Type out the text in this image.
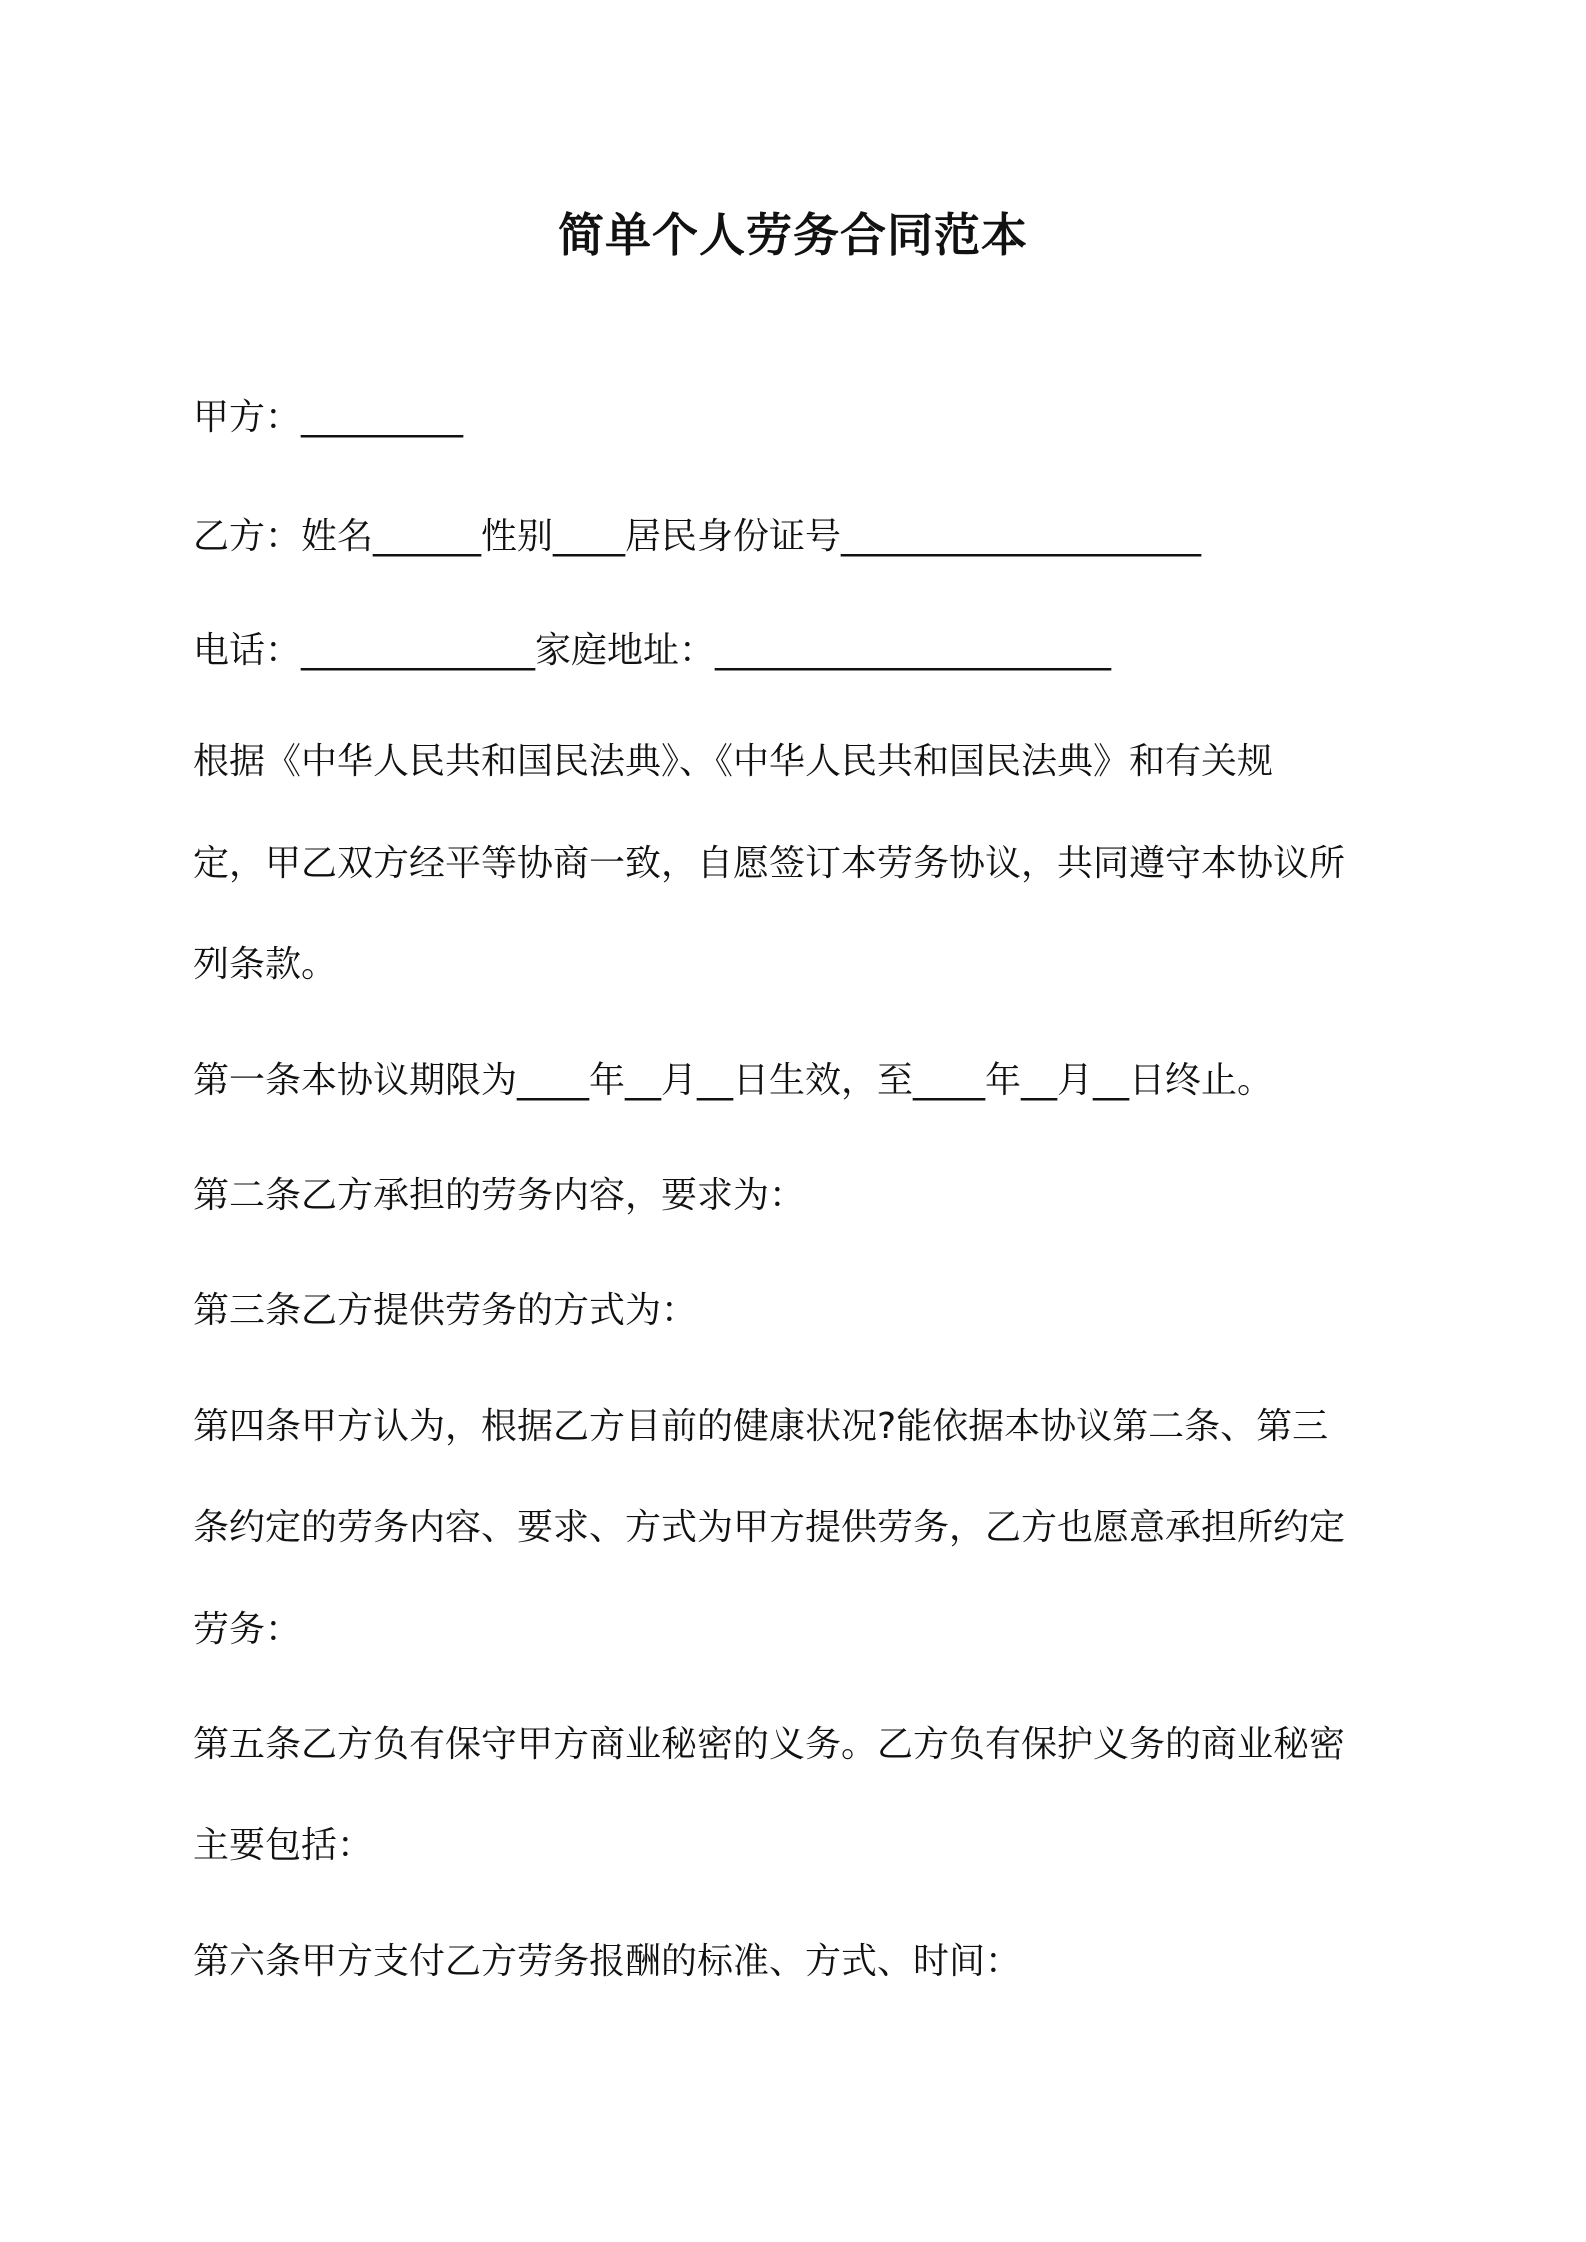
简单个人劳务合同范本
甲方：_________
乙方：姓名______性别____居民身份证号____________________
电话：_____________家庭地址：______________________
根据《中华人民共和国民法典》、《中华人民共和国民法典》和有关规
定，甲乙双方经平等协商一致，自愿签订本劳务协议，共同遵守本协议所
列条款。
第一条本协议期限为____年__月__日生效，至____年__月__日终止。
第二条乙方承担的劳务内容，要求为：
第三条乙方提供劳务的方式为：
第四条甲方认为，根据乙方目前的健康状况?能依据本协议第二条、第三
条约定的劳务内容、要求、方式为甲方提供劳务，乙方也愿意承担所约定
劳务：
第五条乙方负有保守甲方商业秘密的义务。乙方负有保护义务的商业秘密
主要包括：
第六条甲方支付乙方劳务报酬的标准、方式、时间：
